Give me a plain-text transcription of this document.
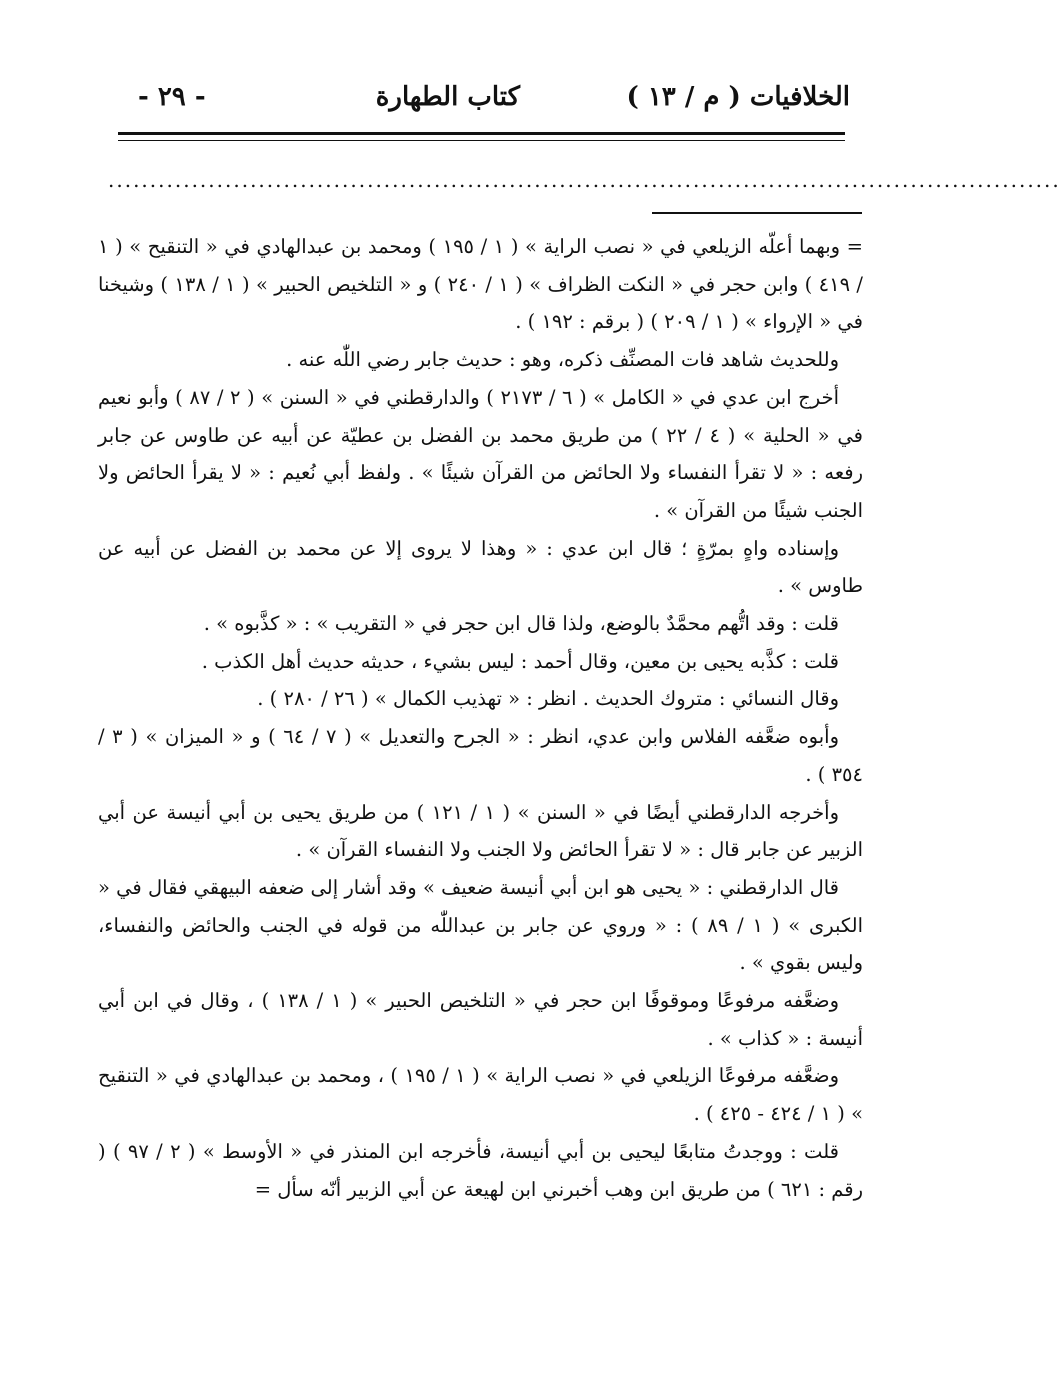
الخلافيات ( م / ١٣ )
كتاب الطهارة
- ٢٩ -
..................................................................................................................

= وبهما أعلّه الزيلعي في « نصب الراية » ( ١ / ١٩٥ ) ومحمد بن عبدالهادي في « التنقيح » ( ١ / ٤١٩ ) وابن حجر في « النكت الظراف » ( ١ / ٢٤٠ ) و « التلخيص الحبير » ( ١ / ١٣٨ ) وشيخنا في « الإرواء » ( ١ / ٢٠٩ ) ( برقم : ١٩٢ ) .

وللحديث شاهد فات المصنِّف ذكره، وهو : حديث جابر رضي اللّٰه عنه .

أخرج ابن عدي في « الكامل » ( ٦ / ٢١٧٣ ) والدارقطني في « السنن » ( ٢ / ٨٧ ) وأبو نعيم في « الحلية » ( ٤ / ٢٢ ) من طريق محمد بن الفضل بن عطيّة عن أبيه عن طاوس عن جابر رفعه : « لا تقرأ النفساء ولا الحائض من القرآن شيئًا » . ولفظ أبي نُعيم : « لا يقرأ الحائض ولا الجنب شيئًا من القرآن » .

وإسناده واهٍ بمرّةٍ ؛ قال ابن عدي : « وهذا لا يروى إلا عن محمد بن الفضل عن أبيه عن طاوس » .

قلت : وقد اتُّهم محمَّدٌ بالوضع، ولذا قال ابن حجر في « التقريب » : « كذَّبوه » .

قلت : كذَّبه يحيى بن معين، وقال أحمد : ليس بشيء ، حديثه حديث أهل الكذب .

وقال النسائي : متروك الحديث . انظر : « تهذيب الكمال » ( ٢٦ / ٢٨٠ ) .

وأبوه ضعَّفه الفلاس وابن عدي، انظر : « الجرح والتعديل » ( ٧ / ٦٤ ) و « الميزان » ( ٣ / ٣٥٤ ) .

وأخرجه الدارقطني أيضًا في « السنن » ( ١ / ١٢١ ) من طريق يحيى بن أبي أنيسة عن أبي الزبير عن جابر قال : « لا تقرأ الحائض ولا الجنب ولا النفساء القرآن » .

قال الدارقطني : « يحيى هو ابن أبي أنيسة ضعيف » وقد أشار إلى ضعفه البيهقي فقال في « الكبرى » ( ١ / ٨٩ ) : « وروي عن جابر بن عبداللّٰه من قوله في الجنب والحائض والنفساء، وليس بقوي » .

وضعَّفه مرفوعًا وموقوفًا ابن حجر في « التلخيص الحبير » ( ١ / ١٣٨ ) ، وقال في ابن أبي أنيسة : « كذاب » .

وضعَّفه مرفوعًا الزيلعي في « نصب الراية » ( ١ / ١٩٥ ) ، ومحمد بن عبدالهادي في « التنقيح » ( ١ / ٤٢٤ - ٤٢٥ ) .

قلت : ووجدتُ متابعًا ليحيى بن أبي أنيسة، فأخرجه ابن المنذر في « الأوسط » ( ٢ / ٩٧ ) ( رقم : ٦٢١ ) من طريق ابن وهب أخبرني ابن لهيعة عن أبي الزبير أنّه سأل =
